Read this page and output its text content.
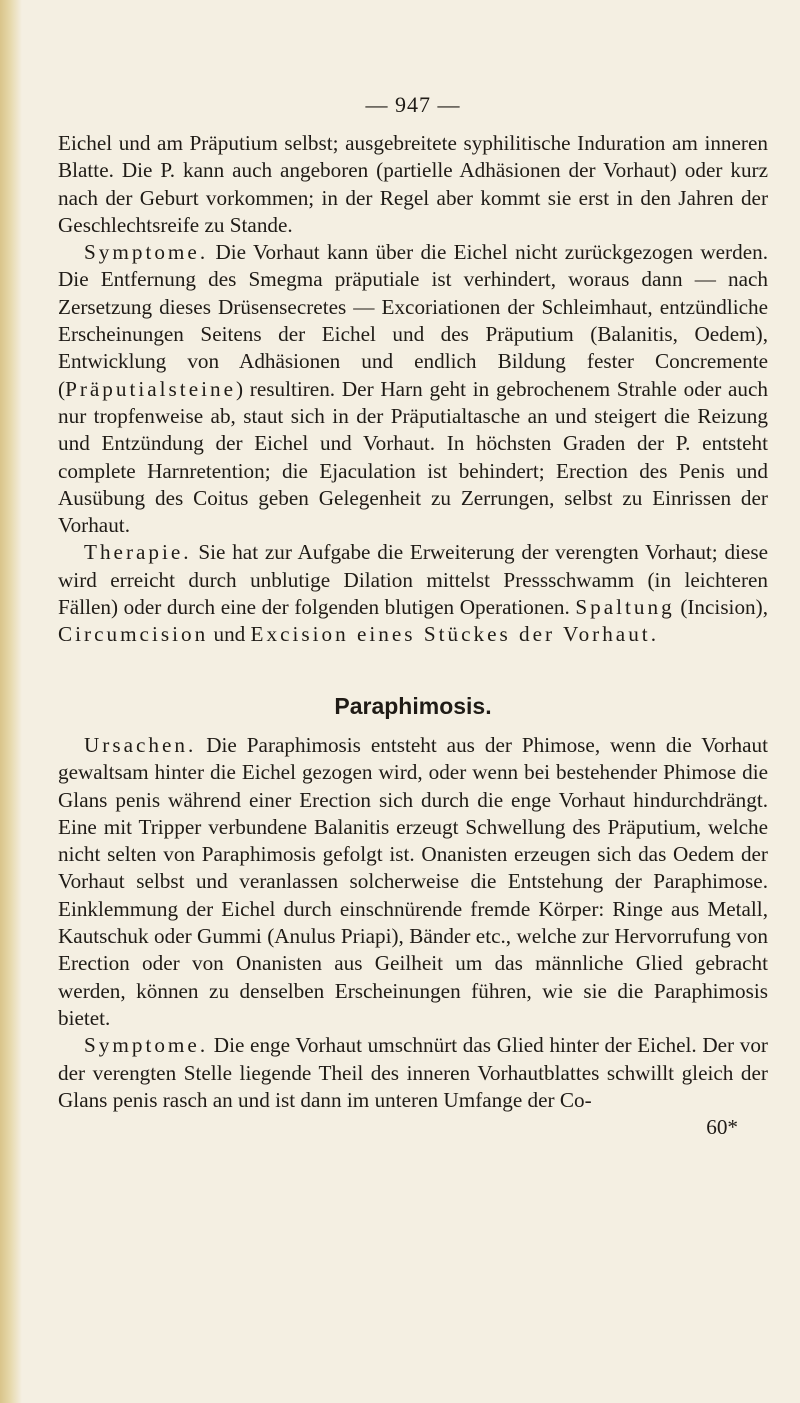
— 947 —

Eichel und am Präputium selbst; ausgebreitete syphilitische Induration am inneren Blatte. Die P. kann auch angeboren (partielle Adhäsionen der Vorhaut) oder kurz nach der Geburt vorkommen; in der Regel aber kommt sie erst in den Jahren der Geschlechtsreife zu Stande.

Symptome. Die Vorhaut kann über die Eichel nicht zurückgezogen werden. Die Entfernung des Smegma präputiale ist verhindert, woraus dann — nach Zersetzung dieses Drüsensecretes — Excoriationen der Schleimhaut, entzündliche Erscheinungen Seitens der Eichel und des Präputium (Balanitis, Oedem), Entwicklung von Adhäsionen und endlich Bildung fester Concremente (Präputialsteine) resultiren. Der Harn geht in gebrochenem Strahle oder auch nur tropfenweise ab, staut sich in der Präputialtasche an und steigert die Reizung und Entzündung der Eichel und Vorhaut. In höchsten Graden der P. entsteht complete Harnretention; die Ejaculation ist behindert; Erection des Penis und Ausübung des Coitus geben Gelegenheit zu Zerrungen, selbst zu Einrissen der Vorhaut.

Therapie. Sie hat zur Aufgabe die Erweiterung der verengten Vorhaut; diese wird erreicht durch unblutige Dilation mittelst Pressschwamm (in leichteren Fällen) oder durch eine der folgenden blutigen Operationen. Spaltung (Incision), Circumcision und Excision eines Stückes der Vorhaut.

Paraphimosis.

Ursachen. Die Paraphimosis entsteht aus der Phimose, wenn die Vorhaut gewaltsam hinter die Eichel gezogen wird, oder wenn bei bestehender Phimose die Glans penis während einer Erection sich durch die enge Vorhaut hindurchdrängt. Eine mit Tripper verbundene Balanitis erzeugt Schwellung des Präputium, welche nicht selten von Paraphimosis gefolgt ist. Onanisten erzeugen sich das Oedem der Vorhaut selbst und veranlassen solcherweise die Entstehung der Paraphimose. Einklemmung der Eichel durch einschnürende fremde Körper: Ringe aus Metall, Kautschuk oder Gummi (Anulus Priapi), Bänder etc., welche zur Hervorrufung von Erection oder von Onanisten aus Geilheit um das männliche Glied gebracht werden, können zu denselben Erscheinungen führen, wie sie die Paraphimosis bietet.

Symptome. Die enge Vorhaut umschnürt das Glied hinter der Eichel. Der vor der verengten Stelle liegende Theil des inneren Vorhautblattes schwillt gleich der Glans penis rasch an und ist dann im unteren Umfange der Co-

60*
